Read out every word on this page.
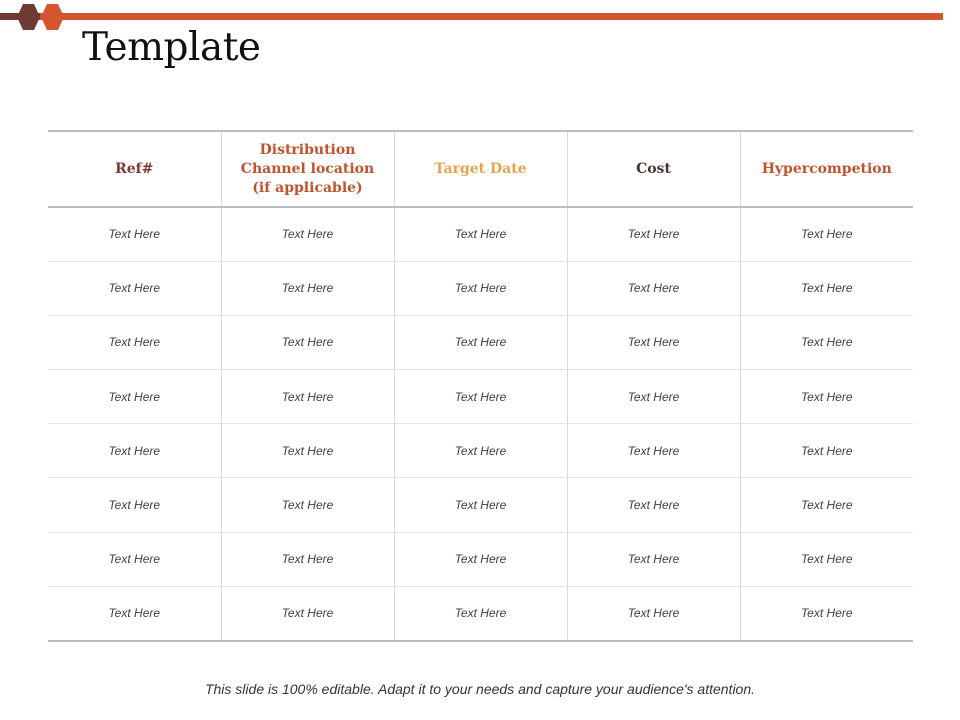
Template
Ref#	Distribution Channel location (if applicable)	Target Date	Cost	Hypercompetion
Text Here	Text Here	Text Here	Text Here	Text Here
Text Here	Text Here	Text Here	Text Here	Text Here
Text Here	Text Here	Text Here	Text Here	Text Here
Text Here	Text Here	Text Here	Text Here	Text Here
Text Here	Text Here	Text Here	Text Here	Text Here
Text Here	Text Here	Text Here	Text Here	Text Here
Text Here	Text Here	Text Here	Text Here	Text Here
Text Here	Text Here	Text Here	Text Here	Text Here
This slide is 100% editable. Adapt it to your needs and capture your audience's attention.
